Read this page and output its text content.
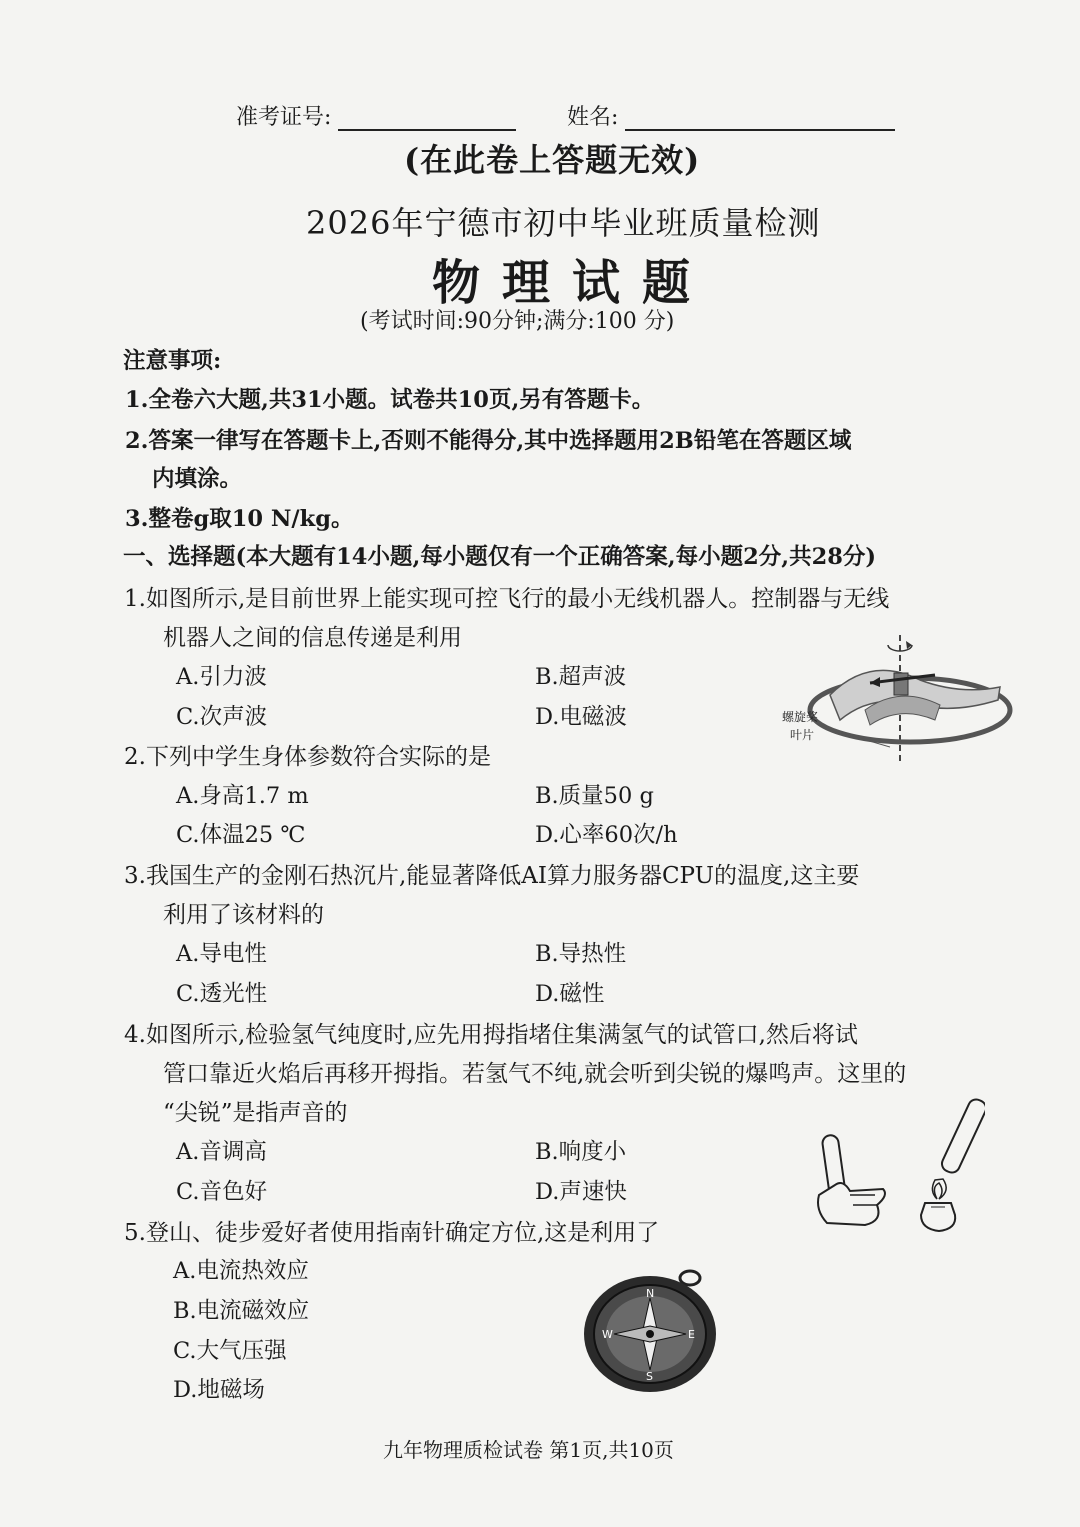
准考证号:	姓名:
(在此卷上答题无效)
2026年宁德市初中毕业班质量检测
物理试题
(考试时间:90分钟;满分:100 分)
注意事项:
1.全卷六大题,共31小题。试卷共10页,另有答题卡。
2.答案一律写在答题卡上,否则不能得分,其中选择题用2B铅笔在答题区域
内填涂。
3.整卷g取10 N/kg。
一、选择题(本大题有14小题,每小题仅有一个正确答案,每小题2分,共28分)
1.如图所示,是目前世界上能实现可控飞行的最小无线机器人。控制器与无线
机器人之间的信息传递是利用
A.引力波	B.超声波
C.次声波	D.电磁波	螺旋桨
叶片
2.下列中学生身体参数符合实际的是
A.身高1.7 m	B.质量50 g
C.体温25 ℃	D.心率60次/h
3.我国生产的金刚石热沉片,能显著降低AI算力服务器CPU的温度,这主要
利用了该材料的
A.导电性	B.导热性
C.透光性	D.磁性
4.如图所示,检验氢气纯度时,应先用拇指堵住集满氢气的试管口,然后将试
管口靠近火焰后再移开拇指。若氢气不纯,就会听到尖锐的爆鸣声。这里的
“尖锐”是指声音的
A.音调高	B.响度小
C.音色好	D.声速快
5.登山、徒步爱好者使用指南针确定方位,这是利用了
A.电流热效应
B.电流磁效应
C.大气压强
D.地磁场
N
E
S
W
九年物理质检试卷 第1页,共10页
